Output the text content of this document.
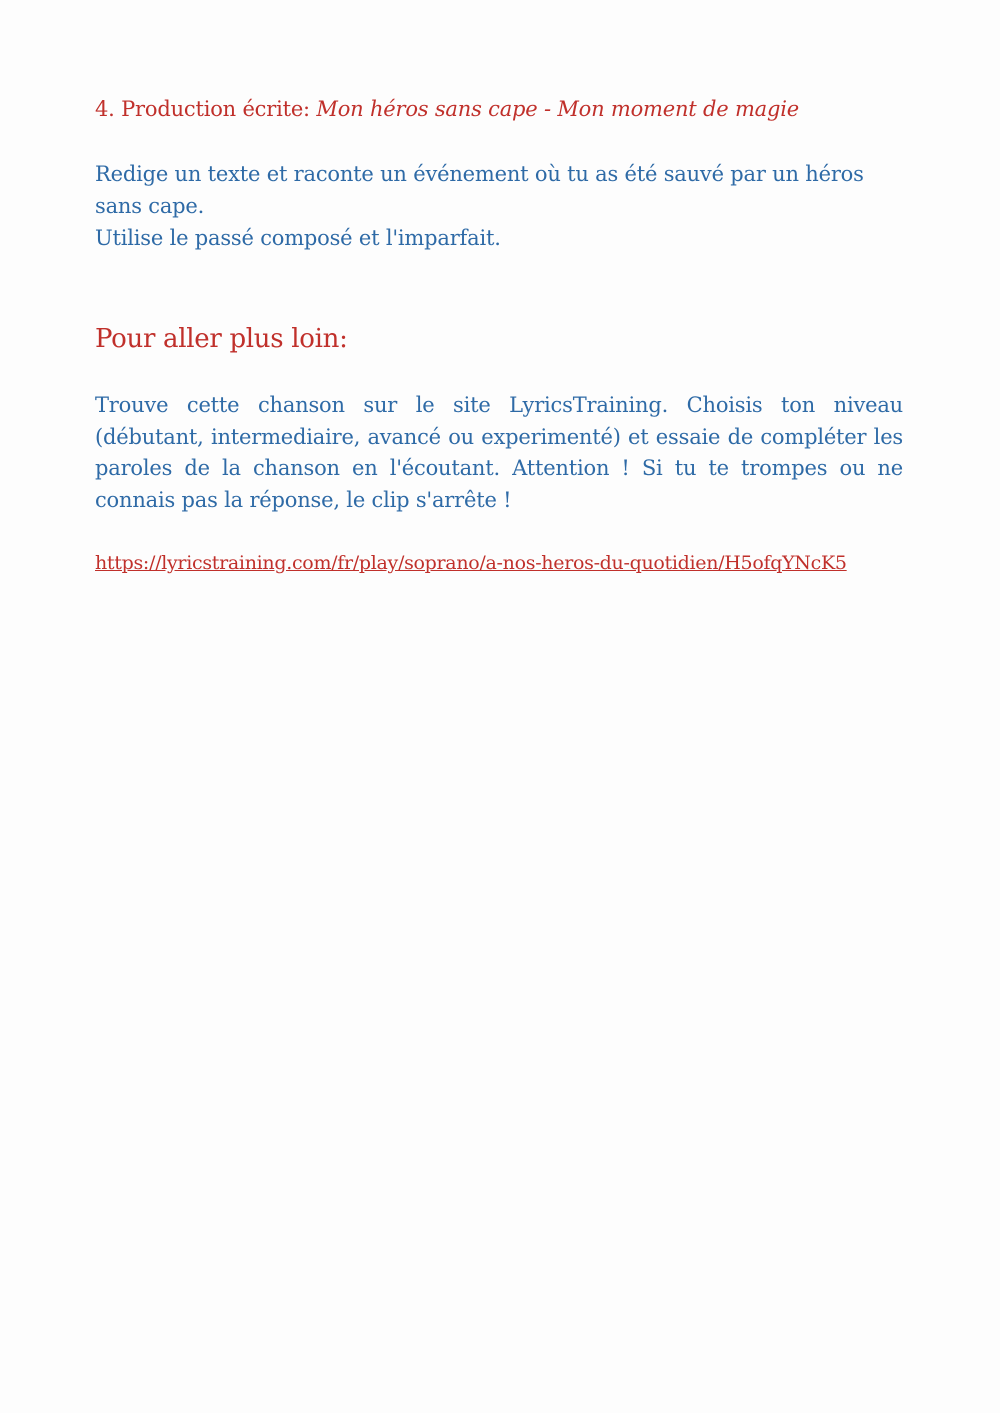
4. Production écrite: Mon héros sans cape - Mon moment de magie

Redige un texte et raconte un événement où tu as été sauvé par un héros sans cape.

Utilise le passé composé et l'imparfait.

Pour aller plus loin:
Trouve cette chanson sur le site LyricsTraining. Choisis ton niveau (débutant, intermediaire, avancé ou experimenté) et essaie de compléter les paroles de la chanson en l'écoutant. Attention ! Si tu te trompes ou ne connais pas la réponse, le clip s'arrête !
https://lyricstraining.com/fr/play/soprano/a-nos-heros-du-quotidien/H5ofqYNcK5
